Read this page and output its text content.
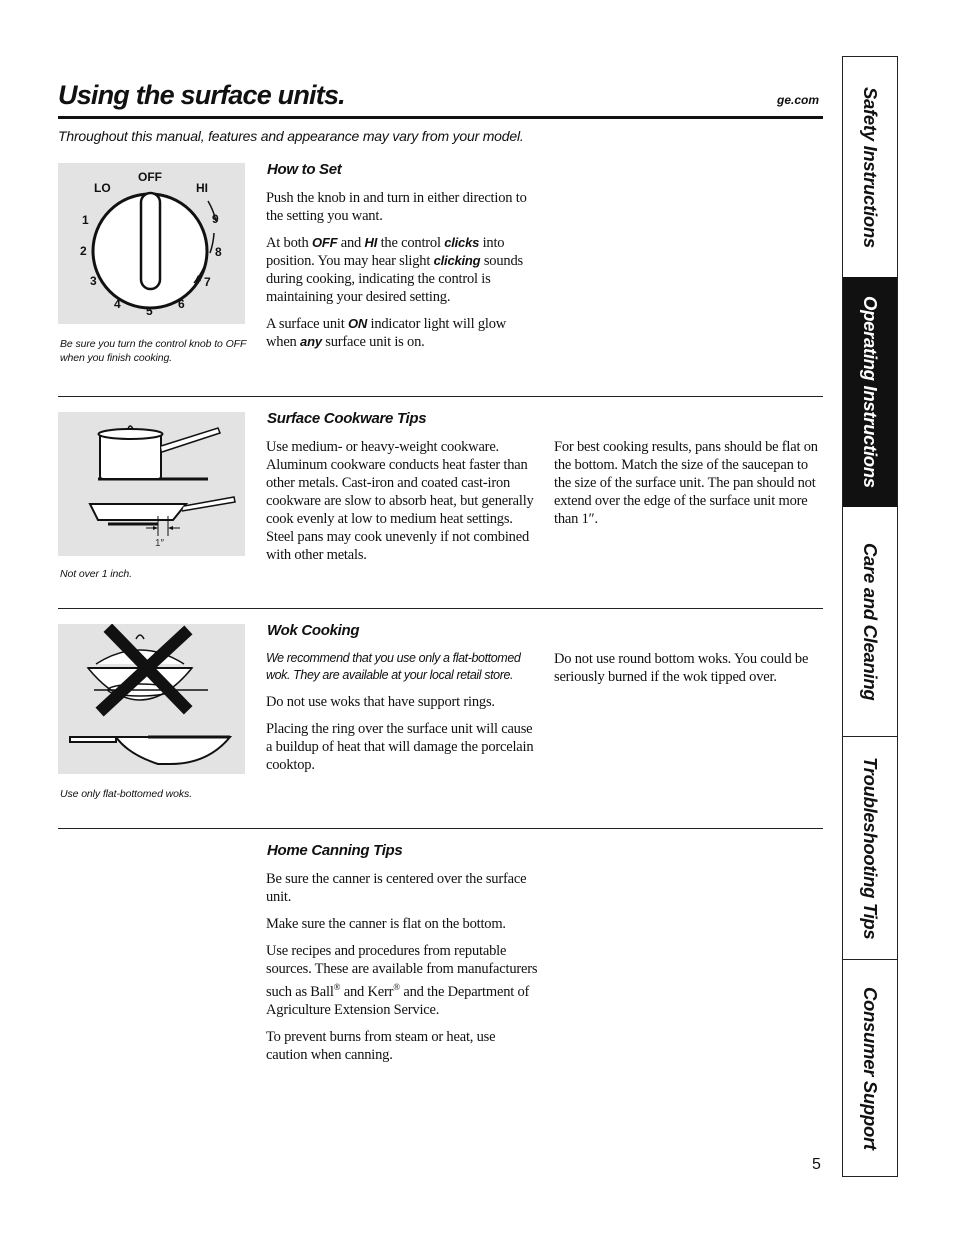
Using the surface units.	ge.com
Throughout this manual, features and appearance may vary from your model.
OFF
LO	HI
1
2
3
4 5 6
7
8
9
Be sure you turn the control knob to OFF when you finish cooking.
How to Set

Push the knob in and turn in either direction to the setting you want.

At both OFF and HI the control clicks into position. You may hear slight clicking sounds during cooking, indicating the control is maintaining your desired setting.

A surface unit ON indicator light will glow when any surface unit is on.

1″
Not over 1 inch.
Surface Cookware Tips

Use medium- or heavy-weight cookware. Aluminum cookware conducts heat faster than other metals. Cast-iron and coated cast-iron cookware are slow to absorb heat, but generally cook evenly at low to medium heat settings. Steel pans may cook unevenly if not combined with other metals.

For best cooking results, pans should be flat on the bottom. Match the size of the saucepan to the size of the surface unit. The pan should not extend over the edge of the surface unit more than 1″.

Use only flat-bottomed woks.
Wok Cooking

We recommend that you use only a flat-bottomed wok. They are available at your local retail store.

Do not use woks that have support rings.

Placing the ring over the surface unit will cause a buildup of heat that will damage the porcelain cooktop.

Do not use round bottom woks. You could be seriously burned if the wok tipped over.

Home Canning Tips

Be sure the canner is centered over the surface unit.

Make sure the canner is flat on the bottom.

Use recipes and procedures from reputable sources. These are available from manufacturers such as Ball® and Kerr® and the Department of Agriculture Extension Service.

To prevent burns from steam or heat, use caution when canning.

Safety Instructions
Operating Instructions
Care and Cleaning
Troubleshooting Tips
Consumer Support
5
